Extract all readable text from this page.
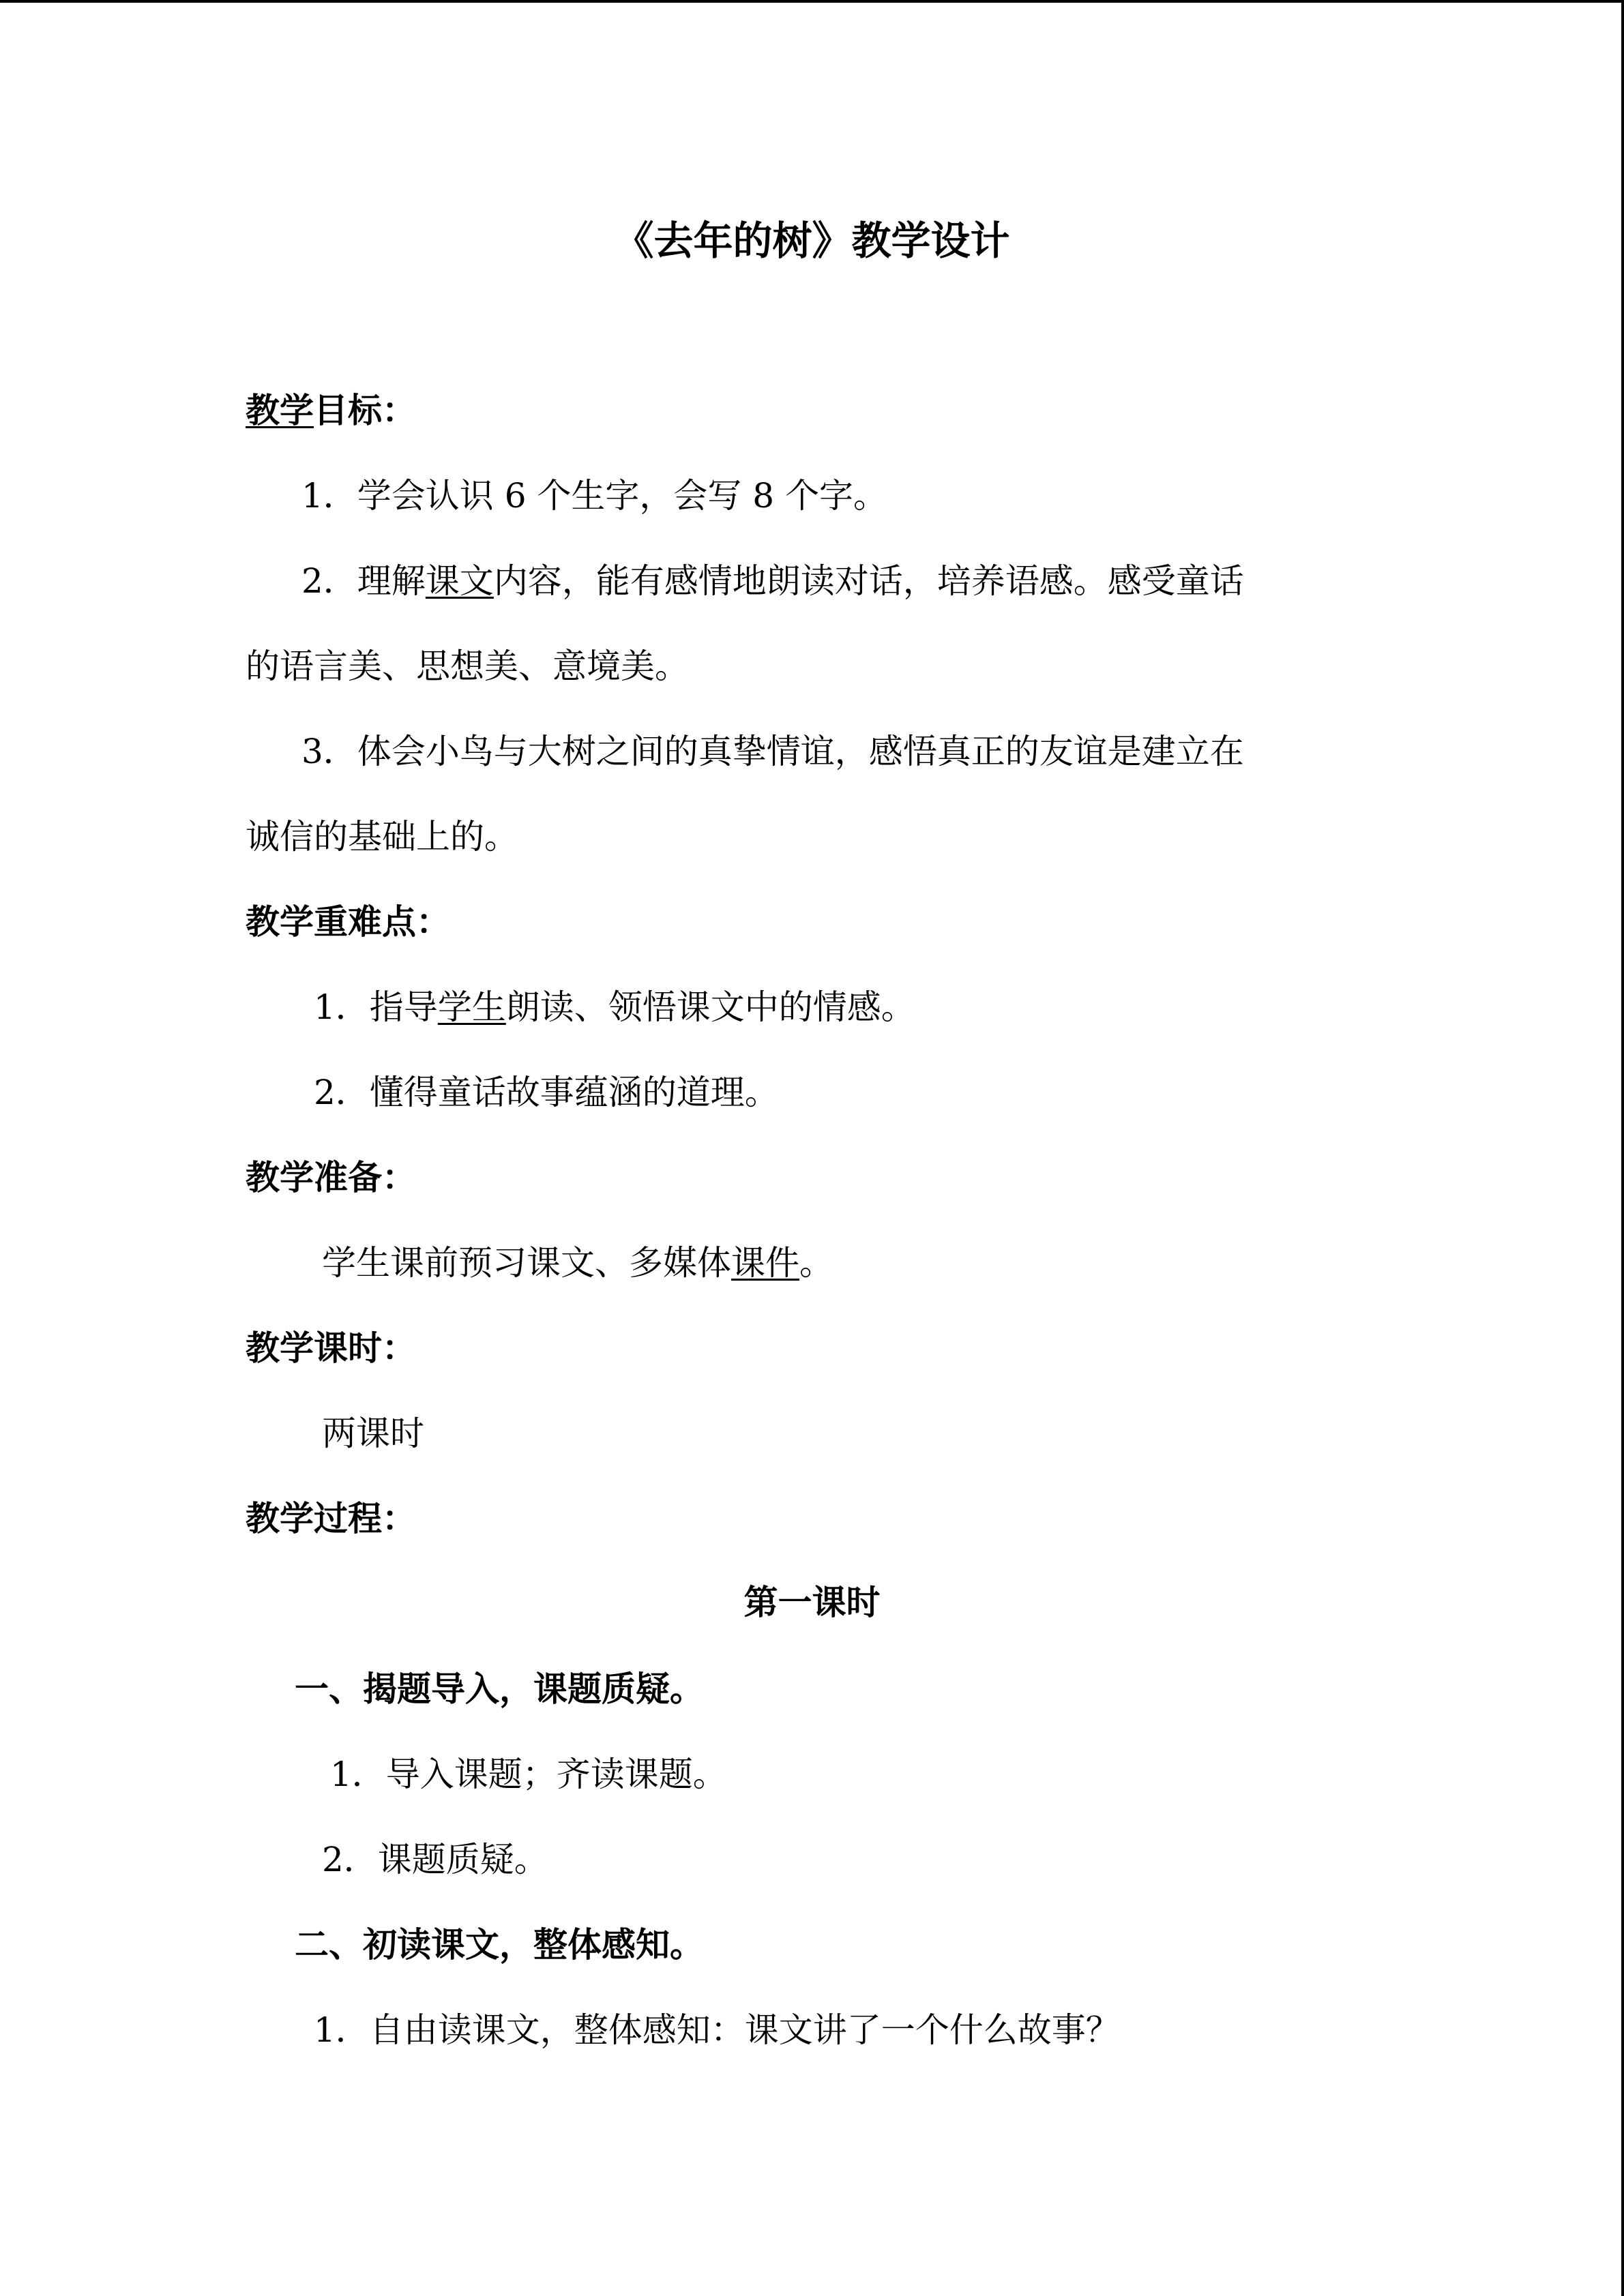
《去年的树》教学设计
教学目标：
1．学会认识 6 个生字，会写 8 个字。
2．理解课文内容，能有感情地朗读对话，培养语感。感受童话
的语言美、思想美、意境美。
3．体会小鸟与大树之间的真挚情谊，感悟真正的友谊是建立在
诚信的基础上的。
教学重难点：
1．指导学生朗读、领悟课文中的情感。
2．懂得童话故事蕴涵的道理。
教学准备：
学生课前预习课文、多媒体课件。
教学课时：
两课时
教学过程：
第一课时
一、揭题导入，课题质疑。
1．导入课题；齐读课题。
2．课题质疑。
二、初读课文，整体感知。
1．自由读课文，整体感知：课文讲了一个什么故事？
